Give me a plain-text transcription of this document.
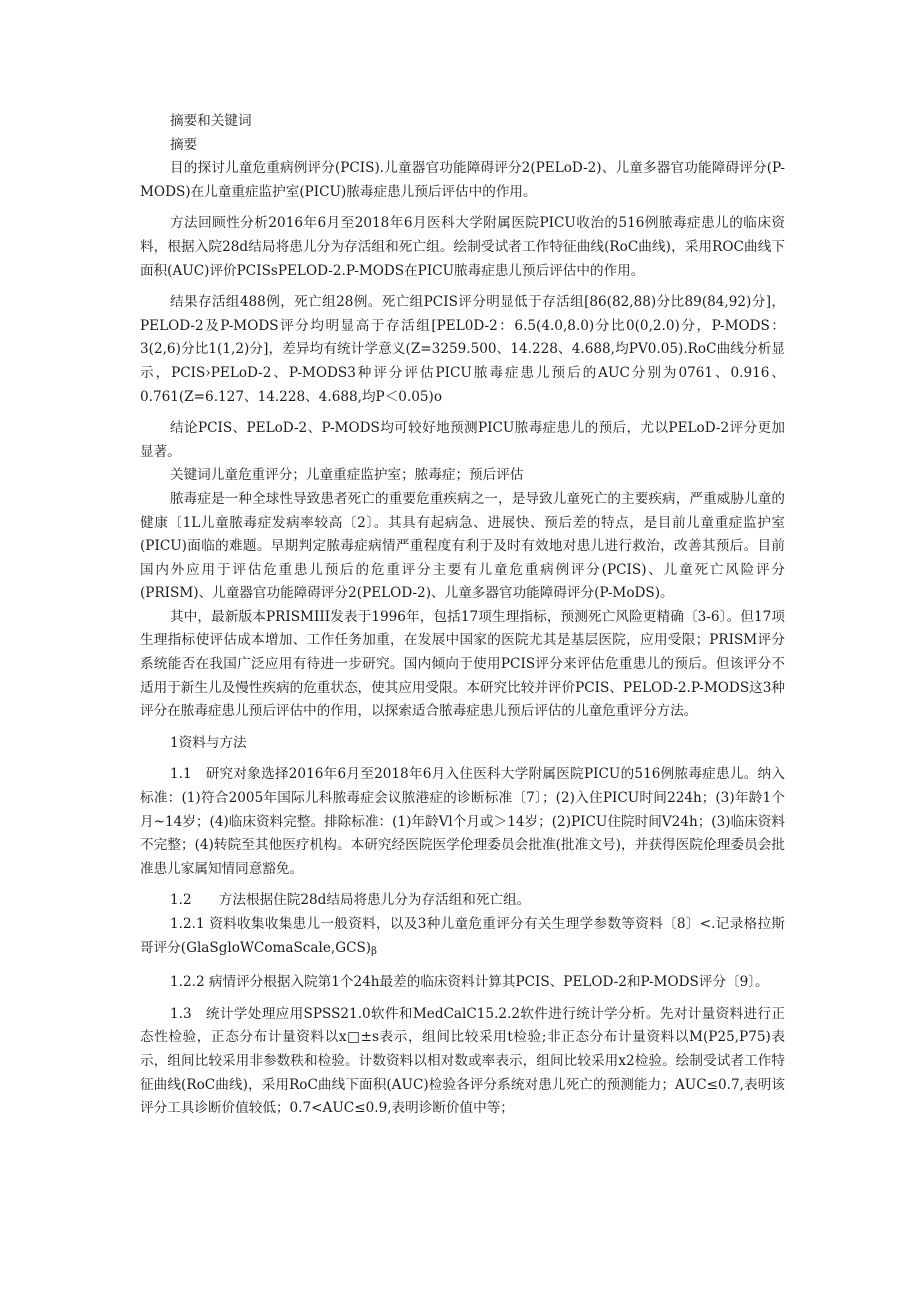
摘要和关键词

摘要

目的探讨儿童危重病例评分(PCIS).儿童器官功能障碍评分2(PELoD-2)、儿童多器官功能障碍评分(P-MODS)在儿童重症监护室(PICU)脓毒症患儿预后评估中的作用。

方法回顾性分析2016年6月至2018年6月医科大学附属医院PICU收治的516例脓毒症患儿的临床资料，根据入院28d结局将患儿分为存活组和死亡组。绘制受试者工作特征曲线(RoC曲线)，采用ROC曲线下面积(AUC)评价PCISsPELOD-2.P-MODS在PICU脓毒症患儿预后评估中的作用。

结果存活组488例，死亡组28例。死亡组PCIS评分明显低于存活组[86(82,88)分比89(84,92)分]，PELOD-2及P-MODS评分均明显高于存活组[PEL0D-2：6.5(4.0,8.0)分比0(0,2.0)分，P-MODS：3(2,6)分比1(1,2)分]，差异均有统计学意义(Z=3259.500、14.228、4.688,均PV0.05).RoC曲线分析显示，PCIS›PELoD-2、P-MODS3种评分评估PICU脓毒症患儿预后的AUC分别为0761、0.916、0.761(Z=6.127、14.228、4.688,均P＜0.05)o

结论PCIS、PELoD-2、P-MODS均可较好地预测PICU脓毒症患儿的预后，尤以PELoD-2评分更加显著。

关键词儿童危重评分；儿童重症监护室；脓毒症；预后评估

脓毒症是一种全球性导致患者死亡的重要危重疾病之一，是导致儿童死亡的主要疾病，严重威胁儿童的健康〔1L儿童脓毒症发病率较高〔2〕。其具有起病急、进展快、预后差的特点，是目前儿童重症监护室(PICU)面临的难题。早期判定脓毒症病情严重程度有利于及时有效地对患儿进行救治，改善其预后。目前国内外应用于评估危重患儿预后的危重评分主要有儿童危重病例评分(PCIS)、儿童死亡风险评分(PRISM)、儿童器官功能障碍评分2(PELOD-2)、儿童多器官功能障碍评分(P-MoDS)。

其中，最新版本PRISMIII发表于1996年，包括17项生理指标，预测死亡风险更精确〔3-6〕。但17项生理指标使评估成本增加、工作任务加重，在发展中国家的医院尤其是基层医院，应用受限；PRISM评分系统能否在我国广泛应用有待进一步研究。国内倾向于使用PCIS评分来评估危重患儿的预后。但该评分不适用于新生儿及慢性疾病的危重状态，使其应用受限。本研究比较并评价PCIS、PELOD-2.P-MODS这3种评分在脓毒症患儿预后评估中的作用，以探索适合脓毒症患儿预后评估的儿童危重评分方法。

1资料与方法

1.1　研究对象选择2016年6月至2018年6月入住医科大学附属医院PICU的516例脓毒症患儿。纳入标准：(1)符合2005年国际儿科脓毒症会议脓港症的诊断标准〔7〕；(2)入住PICU时间224h；(3)年龄1个月~14岁；(4)临床资料完整。排除标准：(1)年龄Vl个月或＞14岁；(2)PICU住院时间V24h；(3)临床资料不完整；(4)转院至其他医疗机构。本研究经医院医学伦理委员会批准(批准文号)，并获得医院伦理委员会批准患儿家属知情同意豁免。

1.2　　方法根据住院28d结局将患儿分为存活组和死亡组。

1.2.1 资料收集收集患儿一般资料，以及3种儿童危重评分有关生理学参数等资料〔8〕<.记录格拉斯哥评分$(GlaSgloWComaScale,GCS)_\beta$

1.2.2 病情评分根据入院第1个24h最差的临床资料计算其PCIS、PELOD-2和P-MODS评分〔9〕。

1.3　统计学处理应用SPSS21.0软件和MedCalC15.2.2软件进行统计学分析。先对计量资料进行正态性检验，正态分布计量资料以x□±s表示，组间比较采用t检验;非正态分布计量资料以M(P25,P75)表示，组间比较采用非参数秩和检验。计数资料以相对数或率表示，组间比较采用x2检验。绘制受试者工作特征曲线(RoC曲线)，采用RoC曲线下面积(AUC)检验各评分系统对患儿死亡的预测能力；AUC≤0.7,表明该评分工具诊断价值较低；0.7<AUC≤0.9,表明诊断价值中等；
